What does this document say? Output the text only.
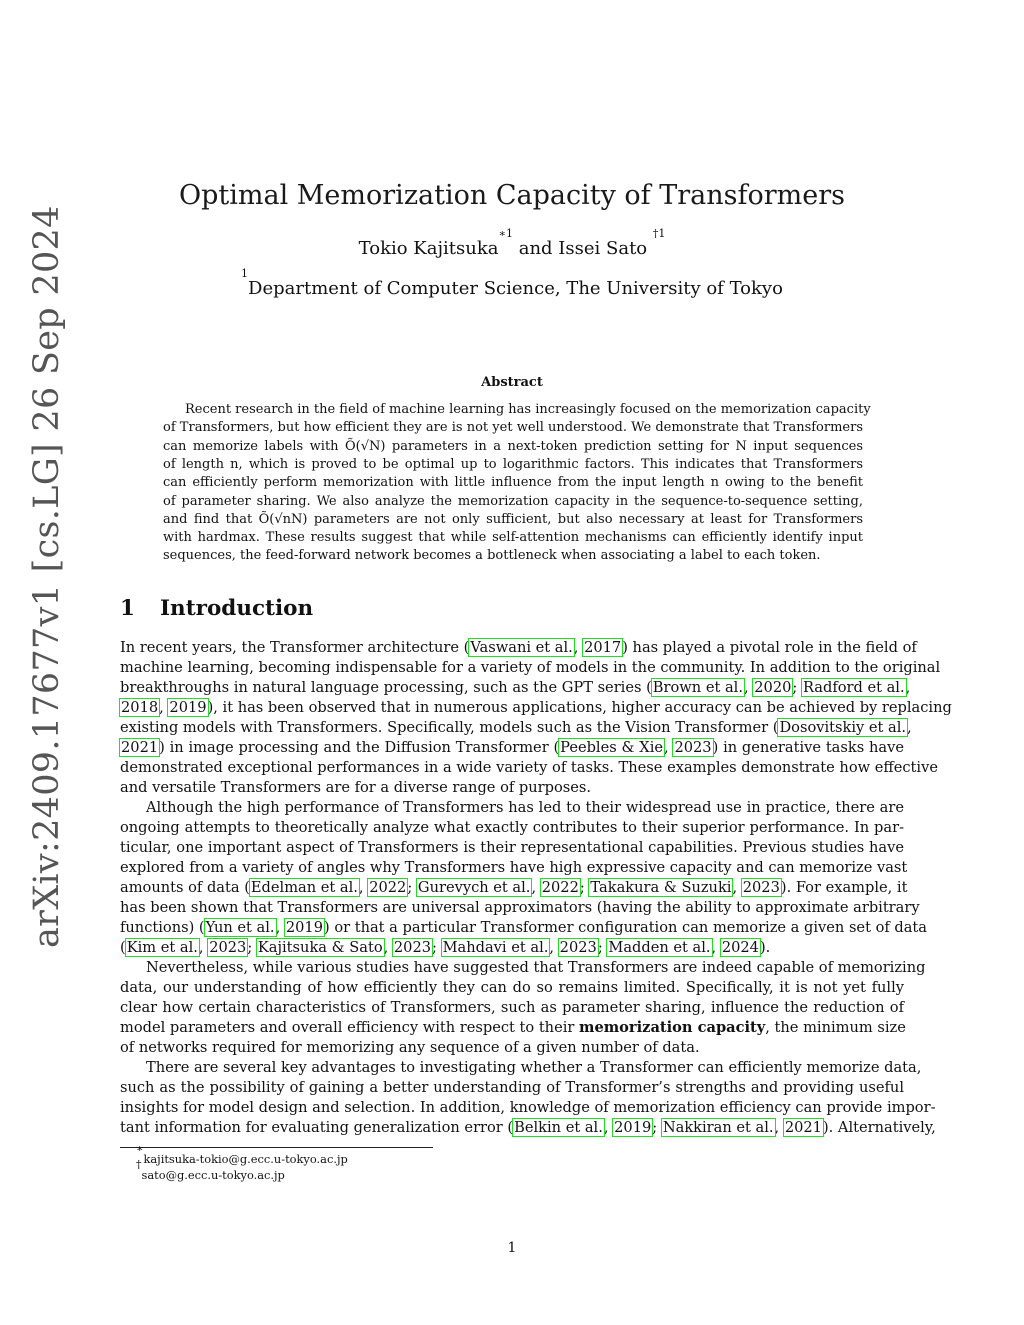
arXiv:2409.17677v1 [cs.LG] 26 Sep 2024
Optimal Memorization Capacity of Transformers
Tokio Kajitsuka$^{∗1}$ and Issei Sato $^{\dagger 1}$
$^1$Department of Computer Science, The University of Tokyo
Abstract
Recent research in the field of machine learning has increasingly focused on the memorization capacity
of Transformers, but how efficient they are is not yet well understood. We demonstrate that Transformers
can memorize labels with Õ(√N) parameters in a next-token prediction setting for N input sequences
of length n, which is proved to be optimal up to logarithmic factors. This indicates that Transformers
can efficiently perform memorization with little influence from the input length n owing to the benefit
of parameter sharing. We also analyze the memorization capacity in the sequence-to-sequence setting,
and find that Õ(√nN) parameters are not only sufficient, but also necessary at least for Transformers
with hardmax. These results suggest that while self-attention mechanisms can efficiently identify input
sequences, the feed-forward network becomes a bottleneck when associating a label to each token.
1 Introduction
In recent years, the Transformer architecture (Vaswani et al., 2017) has played a pivotal role in the field of
machine learning, becoming indispensable for a variety of models in the community. In addition to the original
breakthroughs in natural language processing, such as the GPT series (Brown et al., 2020; Radford et al.,
2018, 2019), it has been observed that in numerous applications, higher accuracy can be achieved by replacing
existing models with Transformers. Specifically, models such as the Vision Transformer (Dosovitskiy et al.,
2021) in image processing and the Diffusion Transformer (Peebles & Xie, 2023) in generative tasks have
demonstrated exceptional performances in a wide variety of tasks. These examples demonstrate how effective
and versatile Transformers are for a diverse range of purposes.
Although the high performance of Transformers has led to their widespread use in practice, there are
ongoing attempts to theoretically analyze what exactly contributes to their superior performance. In par-
ticular, one important aspect of Transformers is their representational capabilities. Previous studies have
explored from a variety of angles why Transformers have high expressive capacity and can memorize vast
amounts of data (Edelman et al., 2022; Gurevych et al., 2022; Takakura & Suzuki, 2023). For example, it
has been shown that Transformers are universal approximators (having the ability to approximate arbitrary
functions) (Yun et al., 2019) or that a particular Transformer configuration can memorize a given set of data
(Kim et al., 2023; Kajitsuka & Sato, 2023; Mahdavi et al., 2023; Madden et al., 2024).
Nevertheless, while various studies have suggested that Transformers are indeed capable of memorizing
data, our understanding of how efficiently they can do so remains limited. Specifically, it is not yet fully
clear how certain characteristics of Transformers, such as parameter sharing, influence the reduction of
model parameters and overall efficiency with respect to their memorization capacity, the minimum size
of networks required for memorizing any sequence of a given number of data.
There are several key advantages to investigating whether a Transformer can efficiently memorize data,
such as the possibility of gaining a better understanding of Transformer’s strengths and providing useful
insights for model design and selection. In addition, knowledge of memorization efficiency can provide impor-
tant information for evaluating generalization error (Belkin et al., 2019; Nakkiran et al., 2021). Alternatively,
∗kajitsuka-tokio@g.ecc.u-tokyo.ac.jp
†sato@g.ecc.u-tokyo.ac.jp
1
